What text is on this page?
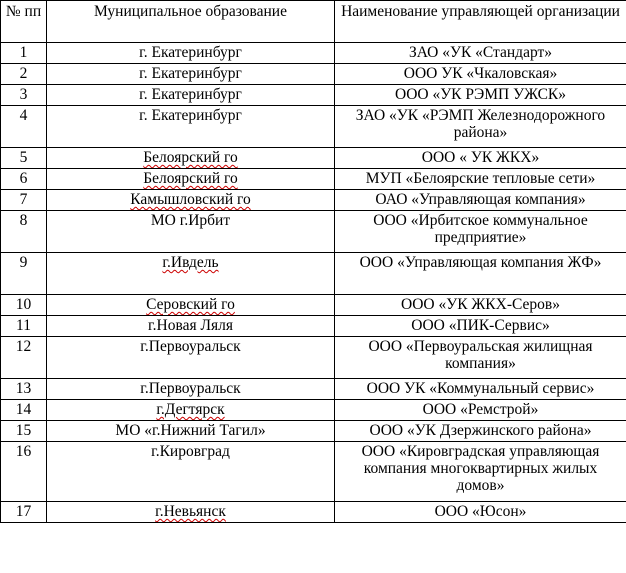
№ пп	Муниципальное образование	Наименование управляющей организации
1	г. Екатеринбург	ЗАО «УК «Стандарт»
2	г. Екатеринбург	ООО УК «Чкаловская»
3	г. Екатеринбург	ООО «УК РЭМП УЖСК»
4	г. Екатеринбург	ЗАО «УК «РЭМП Железнодорожного района»
5	Белоярский го	ООО « УК ЖКХ»
6	Белоярский го	МУП «Белоярские тепловые сети»
7	Камышловский го	ОАО «Управляющая компания»
8	МО г.Ирбит	ООО «Ирбитское коммунальное предприятие»
9	г.Ивдель	ООО «Управляющая компания ЖФ»
10	Серовский го	ООО «УК ЖКХ-Серов»
11	г.Новая Ляля	ООО «ПИК-Сервис»
12	г.Первоуральск	ООО «Первоуральская жилищная компания»
13	г.Первоуральск	ООО УК «Коммунальный сервис»
14	г.Дегтярск	ООО «Ремстрой»
15	МО «г.Нижний Тагил»	ООО «УК Дзержинского района»
16	г.Кировград	ООО «Кировградская управляющая компания многоквартирных жилых домов»
17	г.Невьянск	ООО «Юсон»
